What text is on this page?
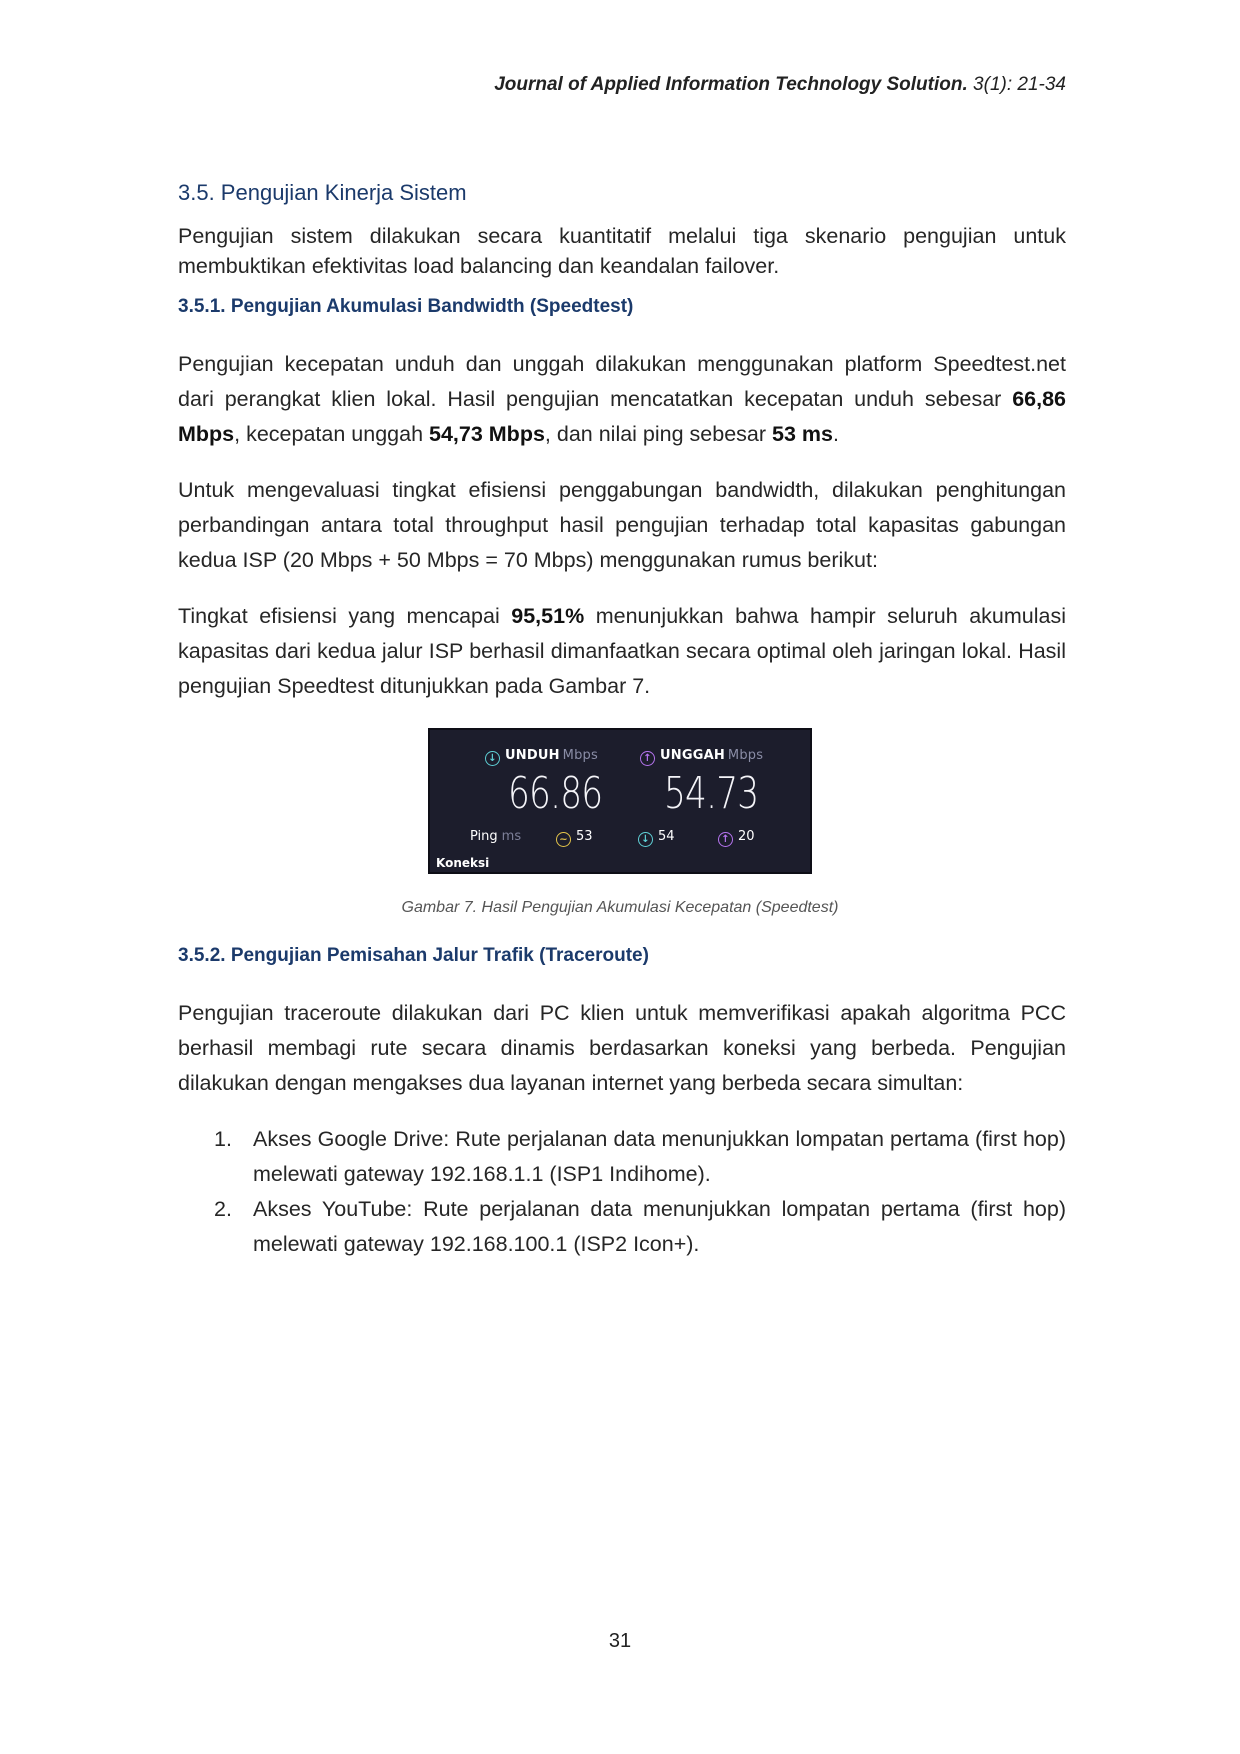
Journal of Applied Information Technology Solution. 3(1): 21-34
3.5. Pengujian Kinerja Sistem
Pengujian sistem dilakukan secara kuantitatif melalui tiga skenario pengujian untuk membuktikan efektivitas load balancing dan keandalan failover.
3.5.1. Pengujian Akumulasi Bandwidth (Speedtest)
Pengujian kecepatan unduh dan unggah dilakukan menggunakan platform Speedtest.net dari perangkat klien lokal. Hasil pengujian mencatatkan kecepatan unduh sebesar 66,86 Mbps, kecepatan unggah 54,73 Mbps, dan nilai ping sebesar 53 ms.
Untuk mengevaluasi tingkat efisiensi penggabungan bandwidth, dilakukan penghitungan perbandingan antara total throughput hasil pengujian terhadap total kapasitas gabungan kedua ISP (20 Mbps + 50 Mbps = 70 Mbps) menggunakan rumus berikut:
Tingkat efisiensi yang mencapai 95,51% menunjukkan bahwa hampir seluruh akumulasi kapasitas dari kedua jalur ISP berhasil dimanfaatkan secara optimal oleh jaringan lokal. Hasil pengujian Speedtest ditunjukkan pada Gambar 7.
↓ UNDUH Mbps	↑ UNGGAH Mbps
66.86 54.73
Ping ms	~ 53	↓ 54	↑ 20
Koneksi
Gambar 7. Hasil Pengujian Akumulasi Kecepatan (Speedtest)
3.5.2. Pengujian Pemisahan Jalur Trafik (Traceroute)
Pengujian traceroute dilakukan dari PC klien untuk memverifikasi apakah algoritma PCC berhasil membagi rute secara dinamis berdasarkan koneksi yang berbeda. Pengujian dilakukan dengan mengakses dua layanan internet yang berbeda secara simultan:
1. Akses Google Drive: Rute perjalanan data menunjukkan lompatan pertama (first hop) melewati gateway 192.168.1.1 (ISP1 Indihome).
2. Akses YouTube: Rute perjalanan data menunjukkan lompatan pertama (first hop) melewati gateway 192.168.100.1 (ISP2 Icon+).
31
